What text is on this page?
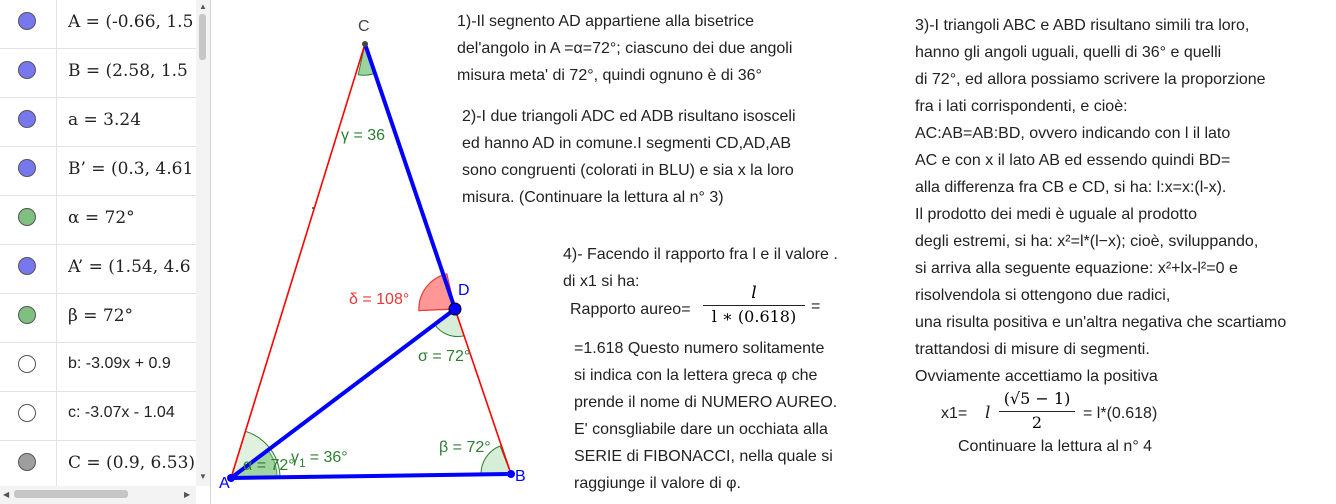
A = (-0.66, 1.5
B = (2.58, 1.5
a = 3.24
B’ = (0.3, 4.61
α = 72°
A’ = (1.54, 4.6
β = 72°
b: -3.09x + 0.9
c: -3.07x - 1.04
C = (0.9, 6.53)
▲
▼
◀	▶
C
D
A	B
γ = 36
δ = 108°
σ = 72°
α = 72°
$\gamma_1 = 36^\circ$
β = 72°
1)-Il segnento AD appartiene alla bisetrice
del'angolo in A =α=72°; ciascuno dei due angoli
misura meta' di 72°, quindi ognuno è di 36°
2)-I due triangoli ADC ed ADB risultano isosceli
ed hanno AD in comune.I segmenti CD,AD,AB
sono congruenti (colorati in BLU) e sia x la loro
misura. (Continuare la lettura al n° 3)
4)- Facendo il rapporto fra l e il valore .
di x1 si ha:
Rapporto aureo=
l
l ∗ (0.618)
=
=1.618 Questo numero solitamente
si indica con la lettera greca φ che
prende il nome di NUMERO AUREO.
E' consgliabile dare un occhiata alla
SERIE di FIBONACCI, nella quale si
raggiunge il valore di φ.
3)-I triangoli ABC e ABD risultano simili tra loro,
hanno gli angoli uguali, quelli di 36° e quelli
di 72°, ed allora possiamo scrivere la proporzione
fra i lati corrispondenti, e cioè:
AC:AB=AB:BD, ovvero indicando con l il lato
AC e con x il lato AB ed essendo quindi BD=
alla differenza fra CB e CD, si ha: l:x=x:(l-x).
Il prodotto dei medi è uguale al prodotto
degli estremi, si ha: x²=l*(l−x); cioè, sviluppando,
si arriva alla seguente equazione: x²+lx-l²=0 e
risolvendola si ottengono due radici,
una risulta positiva e un'altra negativa che scartiamo
trattandosi di misure di segmenti.
Ovviamente accettiamo la positiva
x1= l
(√5 − 1)
2	= l*(0.618)
Continuare la lettura al n° 4
